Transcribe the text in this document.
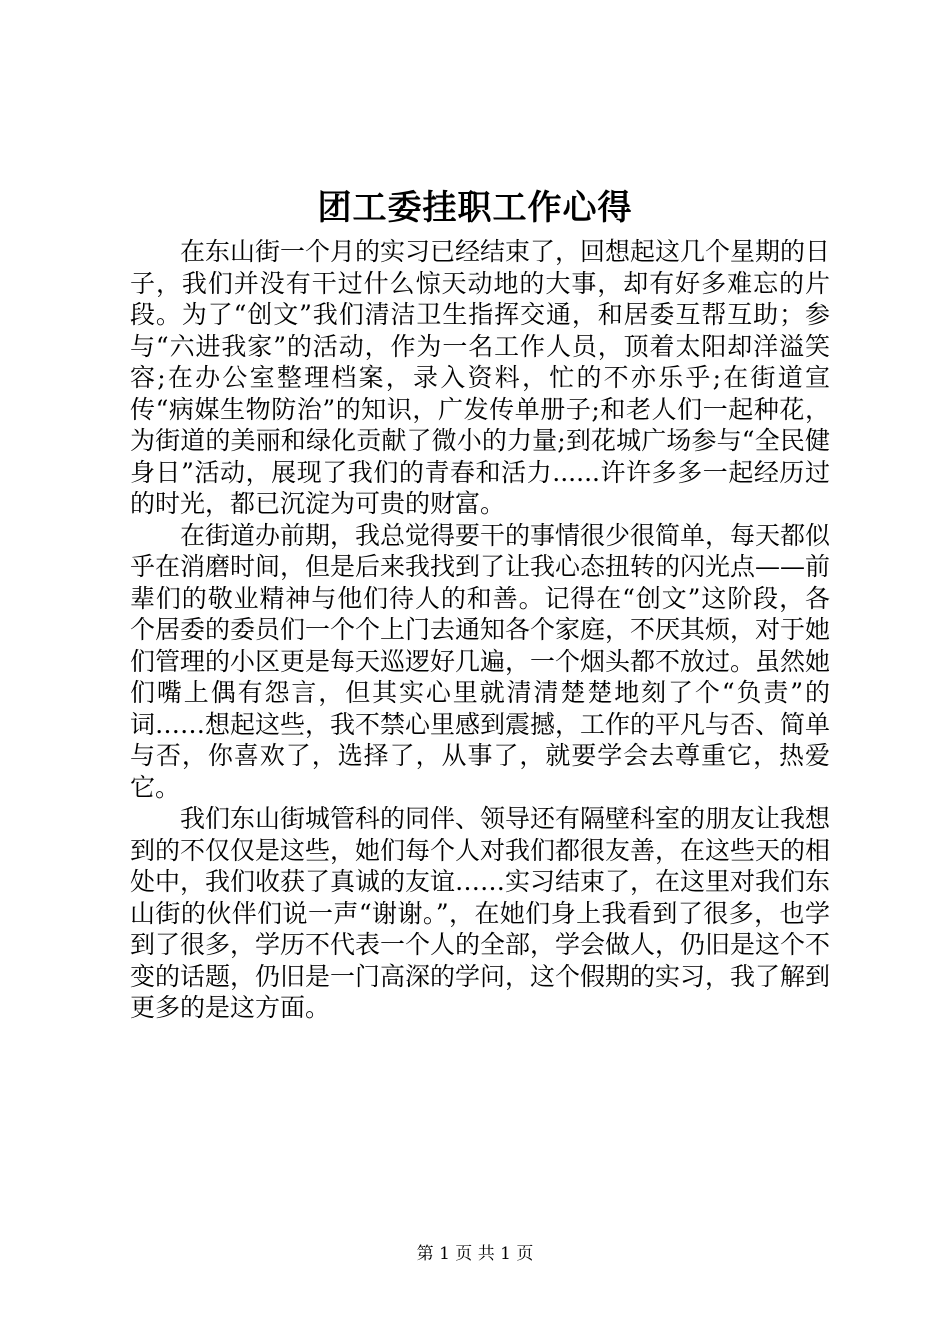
团工委挂职工作心得

在东山街一个月的实习已经结束了，回想起这几个星期的日子，我们并没有干过什么惊天动地的大事，却有好多难忘的片段。为了“创文”我们清洁卫生指挥交通，和居委互帮互助；参与“六进我家”的活动，作为一名工作人员，顶着太阳却洋溢笑容;在办公室整理档案，录入资料，忙的不亦乐乎;在街道宣传“病媒生物防治”的知识，广发传单册子;和老人们一起种花，为街道的美丽和绿化贡献了微小的力量;到花城广场参与“全民健身日”活动，展现了我们的青春和活力......许许多多一起经历过的时光，都已沉淀为可贵的财富。

在街道办前期，我总觉得要干的事情很少很简单，每天都似乎在消磨时间，但是后来我找到了让我心态扭转的闪光点——前辈们的敬业精神与他们待人的和善。记得在“创文”这阶段，各个居委的委员们一个个上门去通知各个家庭，不厌其烦，对于她们管理的小区更是每天巡逻好几遍，一个烟头都不放过。虽然她们嘴上偶有怨言，但其实心里就清清楚楚地刻了个“负责”的词……想起这些，我不禁心里感到震撼，工作的平凡与否、简单与否，你喜欢了，选择了，从事了，就要学会去尊重它，热爱它。

我们东山街城管科的同伴、领导还有隔壁科室的朋友让我想到的不仅仅是这些，她们每个人对我们都很友善，在这些天的相处中，我们收获了真诚的友谊……实习结束了，在这里对我们东山街的伙伴们说一声“谢谢。”，在她们身上我看到了很多，也学到了很多，学历不代表一个人的全部，学会做人，仍旧是这个不变的话题，仍旧是一门高深的学问，这个假期的实习，我了解到更多的是这方面。

第 1 页 共 1 页
